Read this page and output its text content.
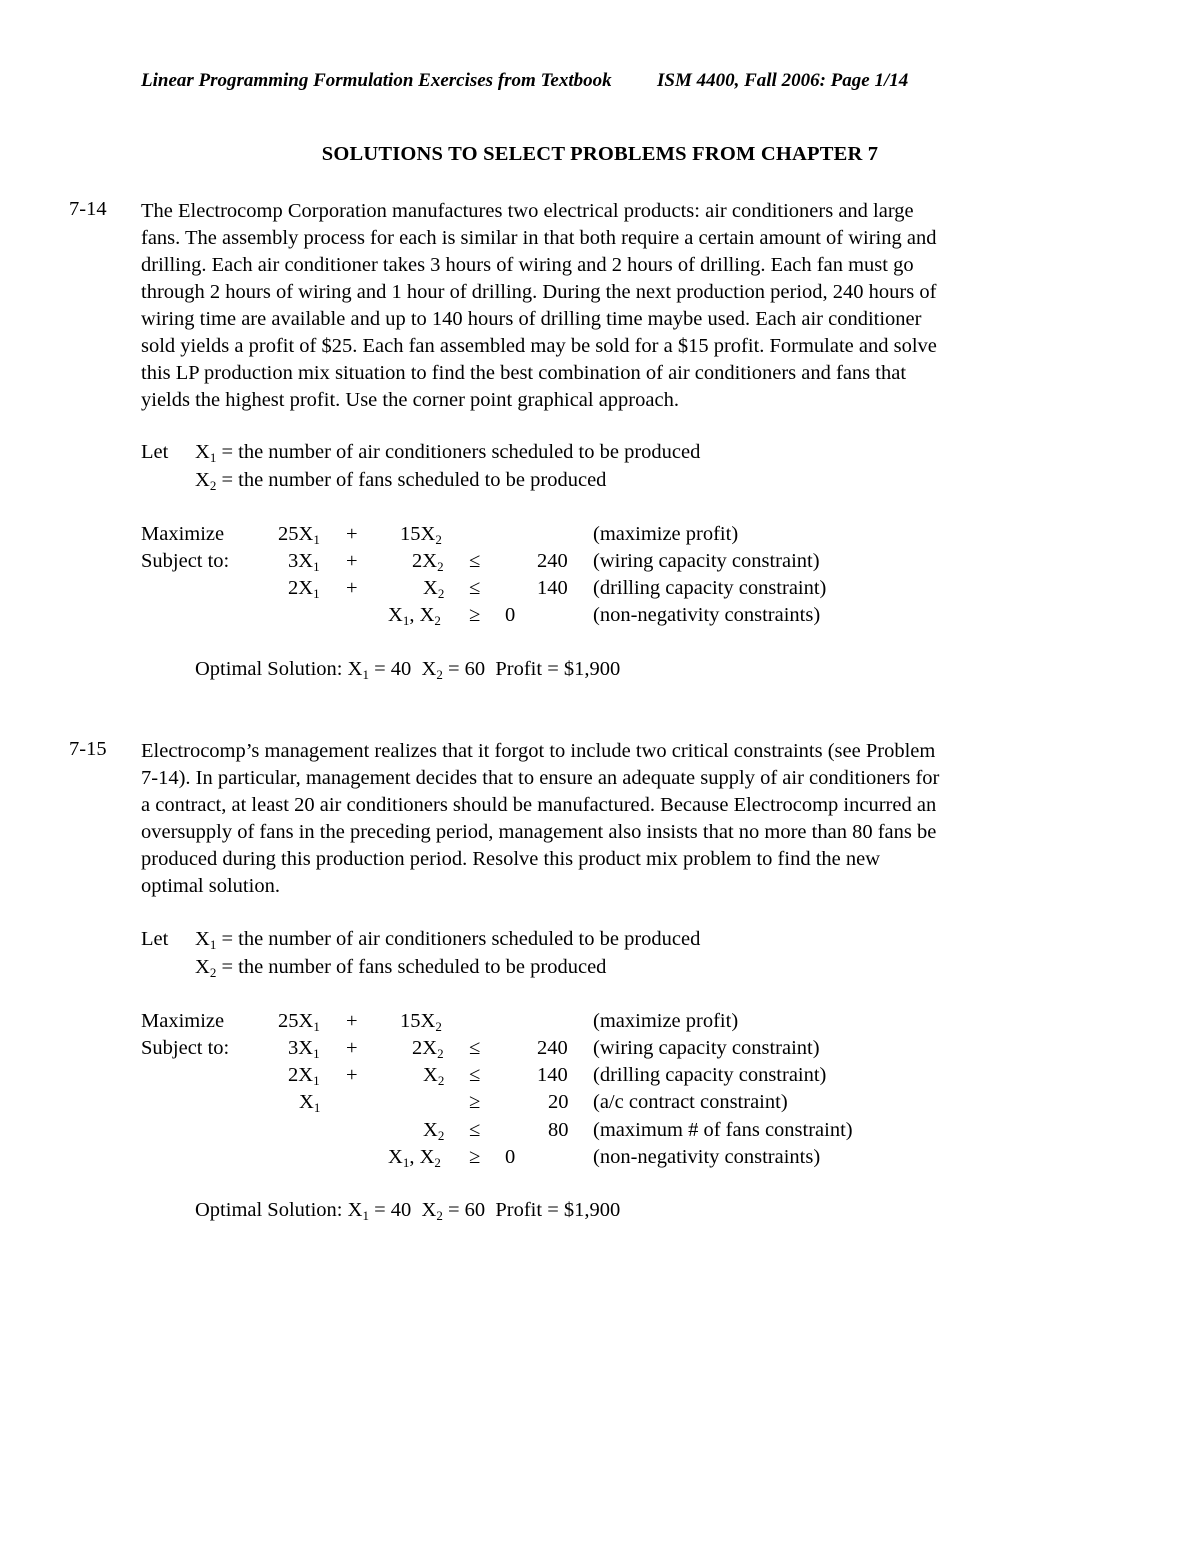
Linear Programming Formulation Exercises from Textbook ISM 4400, Fall 2006: Page 1/14
SOLUTIONS TO SELECT PROBLEMS FROM CHAPTER 7
7-14 The Electrocomp Corporation manufactures two electrical products: air conditioners and large
fans. The assembly process for each is similar in that both require a certain amount of wiring and
drilling. Each air conditioner takes 3 hours of wiring and 2 hours of drilling. Each fan must go
through 2 hours of wiring and 1 hour of drilling. During the next production period, 240 hours of
wiring time are available and up to 140 hours of drilling time maybe used. Each air conditioner
sold yields a profit of $25. Each fan assembled may be sold for a $15 profit. Formulate and solve
this LP production mix situation to find the best combination of air conditioners and fans that
yields the highest profit. Use the corner point graphical approach.
Let $X_1$ = the number of air conditioners scheduled to be produced
$X_2$ = the number of fans scheduled to be produced
Maximize	$25X_1 + 15X_2$	(maximize profit)
Subject to:	$3X_1$ +	$2X_2$ ≤	240 (wiring capacity constraint)
$2X_1$ +	$X_2$ ≤	140 (drilling capacity constraint)
$X_1$, $X_2 \ge 0$	(non-negativity constraints)
Optimal Solution: $X_1 = 40$  $X_2 = 60$ Profit = $1,900
7-15 Electrocomp’s management realizes that it forgot to include two critical constraints (see Problem
7-14). In particular, management decides that to ensure an adequate supply of air conditioners for
a contract, at least 20 air conditioners should be manufactured. Because Electrocomp incurred an
oversupply of fans in the preceding period, management also insists that no more than 80 fans be
produced during this production period. Resolve this product mix problem to find the new
optimal solution.
Let $X_1$ = the number of air conditioners scheduled to be produced
$X_2$ = the number of fans scheduled to be produced
Maximize	$25X_1 + 15X_2$	(maximize profit)
Subject to:	$3X_1$ +	$2X_2$ ≤	240 (wiring capacity constraint)
$2X_1$ +	$X_2$ ≤	140 (drilling capacity constraint)
$X_1$	≥	20 (a/c contract constraint)
$X_2$ ≤	80 (maximum # of fans constraint)
$X_1$, $X_2 \ge 0$	(non-negativity constraints)
Optimal Solution: $X_1 = 40$  $X_2 = 60$ Profit = $1,900
